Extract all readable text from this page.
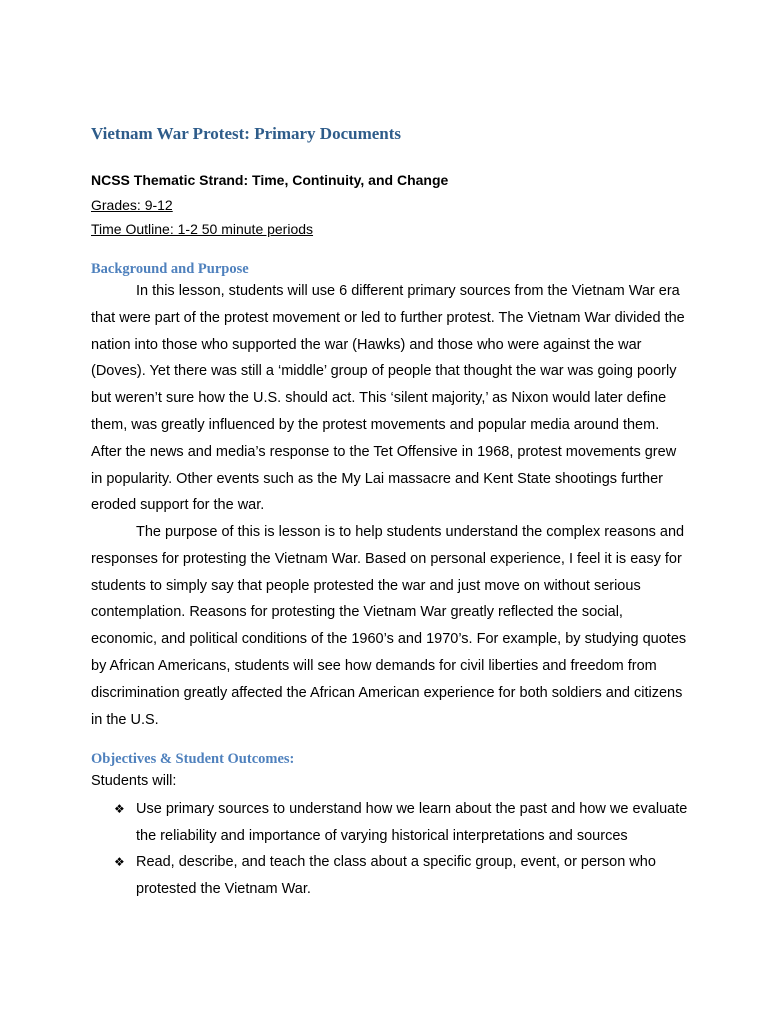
Vietnam War Protest: Primary Documents

NCSS Thematic Strand: Time, Continuity, and Change

Grades: 9-12

Time Outline: 1-2 50 minute periods

Background and Purpose

In this lesson, students will use 6 different primary sources from the Vietnam War era that were part of the protest movement or led to further protest. The Vietnam War divided the nation into those who supported the war (Hawks) and those who were against the war (Doves). Yet there was still a ‘middle’ group of people that thought the war was going poorly but weren’t sure how the U.S. should act. This ‘silent majority,’ as Nixon would later define them, was greatly influenced by the protest movements and popular media around them. After the news and media’s response to the Tet Offensive in 1968, protest movements grew in popularity. Other events such as the My Lai massacre and Kent State shootings further eroded support for the war.

The purpose of this is lesson is to help students understand the complex reasons and responses for protesting the Vietnam War. Based on personal experience, I feel it is easy for students to simply say that people protested the war and just move on without serious contemplation. Reasons for protesting the Vietnam War greatly reflected the social, economic, and political conditions of the 1960’s and 1970’s. For example, by studying quotes by African Americans, students will see how demands for civil liberties and freedom from discrimination greatly affected the African American experience for both soldiers and citizens in the U.S.

Objectives & Student Outcomes:

Students will:

❖ Use primary sources to understand how we learn about the past and how we evaluate the reliability and importance of varying historical interpretations and sources
❖ Read, describe, and teach the class about a specific group, event, or person who protested the Vietnam War.
